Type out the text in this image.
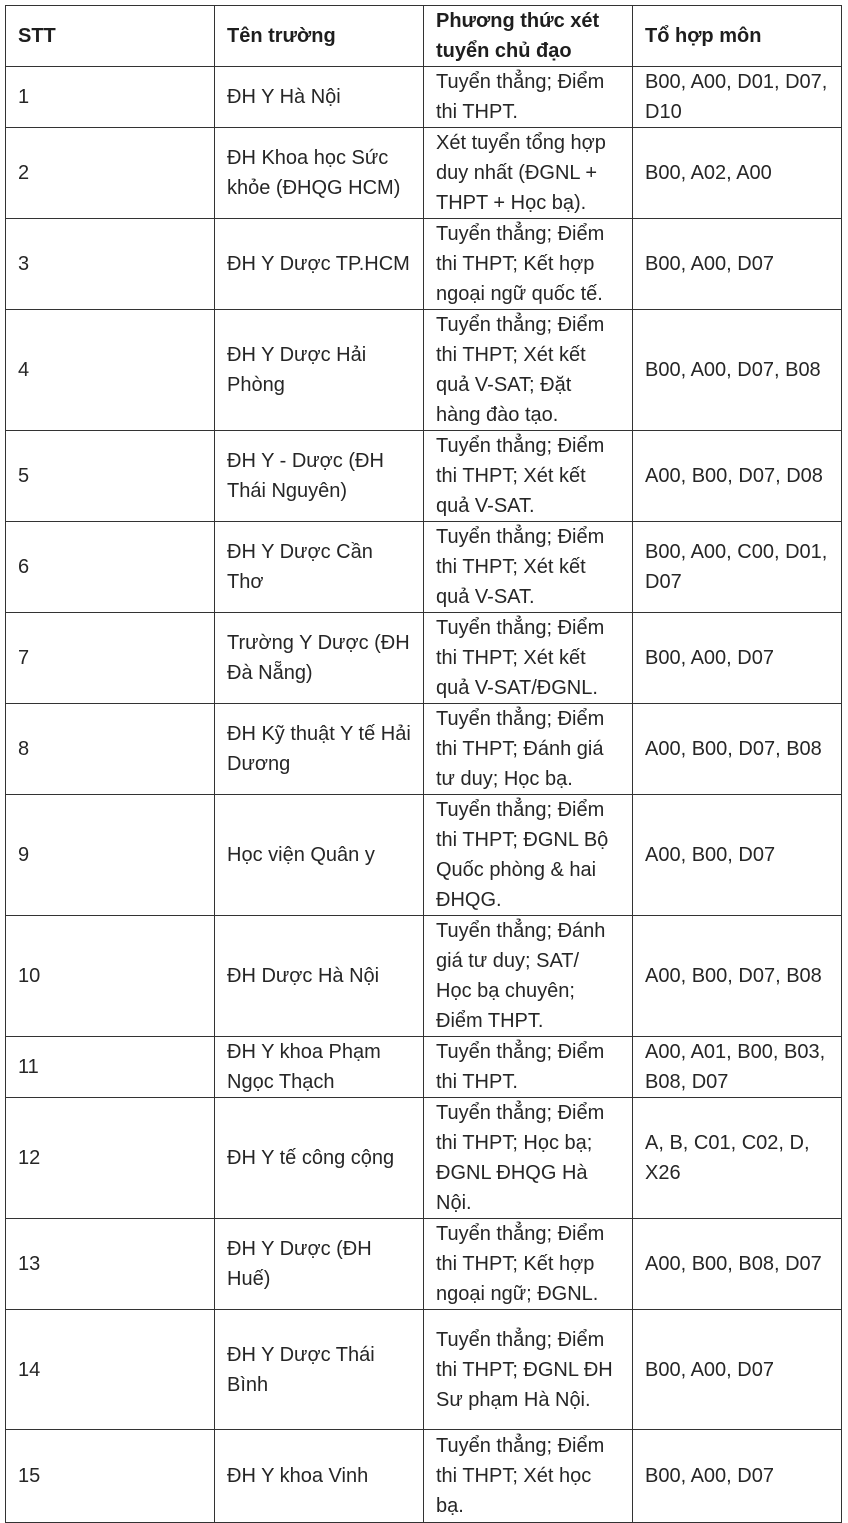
STT	Tên trường	Phương thức xét tuyển chủ đạo	Tổ hợp môn
1	ĐH Y Hà Nội	Tuyển thẳng; Điểm thi THPT.	B00, A00, D01, D07, D10
2	ĐH Khoa học Sức khỏe (ĐHQG HCM)	Xét tuyển tổng hợp duy nhất (ĐGNL + THPT + Học bạ).	B00, A02, A00
3	ĐH Y Dược TP.HCM	Tuyển thẳng; Điểm thi THPT; Kết hợp ngoại ngữ quốc tế.	B00, A00, D07
4	ĐH Y Dược Hải Phòng	Tuyển thẳng; Điểm thi THPT; Xét kết quả V-SAT; Đặt hàng đào tạo.	B00, A00, D07, B08
5	ĐH Y - Dược (ĐH Thái Nguyên)	Tuyển thẳng; Điểm thi THPT; Xét kết quả V-SAT.	A00, B00, D07, D08
6	ĐH Y Dược Cần Thơ	Tuyển thẳng; Điểm thi THPT; Xét kết quả V-SAT.	B00, A00, C00, D01, D07
7	Trường Y Dược (ĐH Đà Nẵng)	Tuyển thẳng; Điểm thi THPT; Xét kết quả V-SAT/ĐGNL.	B00, A00, D07
8	ĐH Kỹ thuật Y tế Hải Dương	Tuyển thẳng; Điểm thi THPT; Đánh giá tư duy; Học bạ.	A00, B00, D07, B08
9	Học viện Quân y	Tuyển thẳng; Điểm thi THPT; ĐGNL Bộ Quốc phòng & hai ĐHQG.	A00, B00, D07
10	ĐH Dược Hà Nội	Tuyển thẳng; Đánh giá tư duy; SAT/ Học bạ chuyên; Điểm THPT.	A00, B00, D07, B08
11	ĐH Y khoa Phạm Ngọc Thạch	Tuyển thẳng; Điểm thi THPT.	A00, A01, B00, B03, B08, D07
12	ĐH Y tế công cộng	Tuyển thẳng; Điểm thi THPT; Học bạ; ĐGNL ĐHQG Hà Nội.	A, B, C01, C02, D, X26
13	ĐH Y Dược (ĐH Huế)	Tuyển thẳng; Điểm thi THPT; Kết hợp ngoại ngữ; ĐGNL.	A00, B00, B08, D07
14	ĐH Y Dược Thái Bình	Tuyển thẳng; Điểm thi THPT; ĐGNL ĐH Sư phạm Hà Nội.	B00, A00, D07
15	ĐH Y khoa Vinh	Tuyển thẳng; Điểm thi THPT; Xét học bạ.	B00, A00, D07
